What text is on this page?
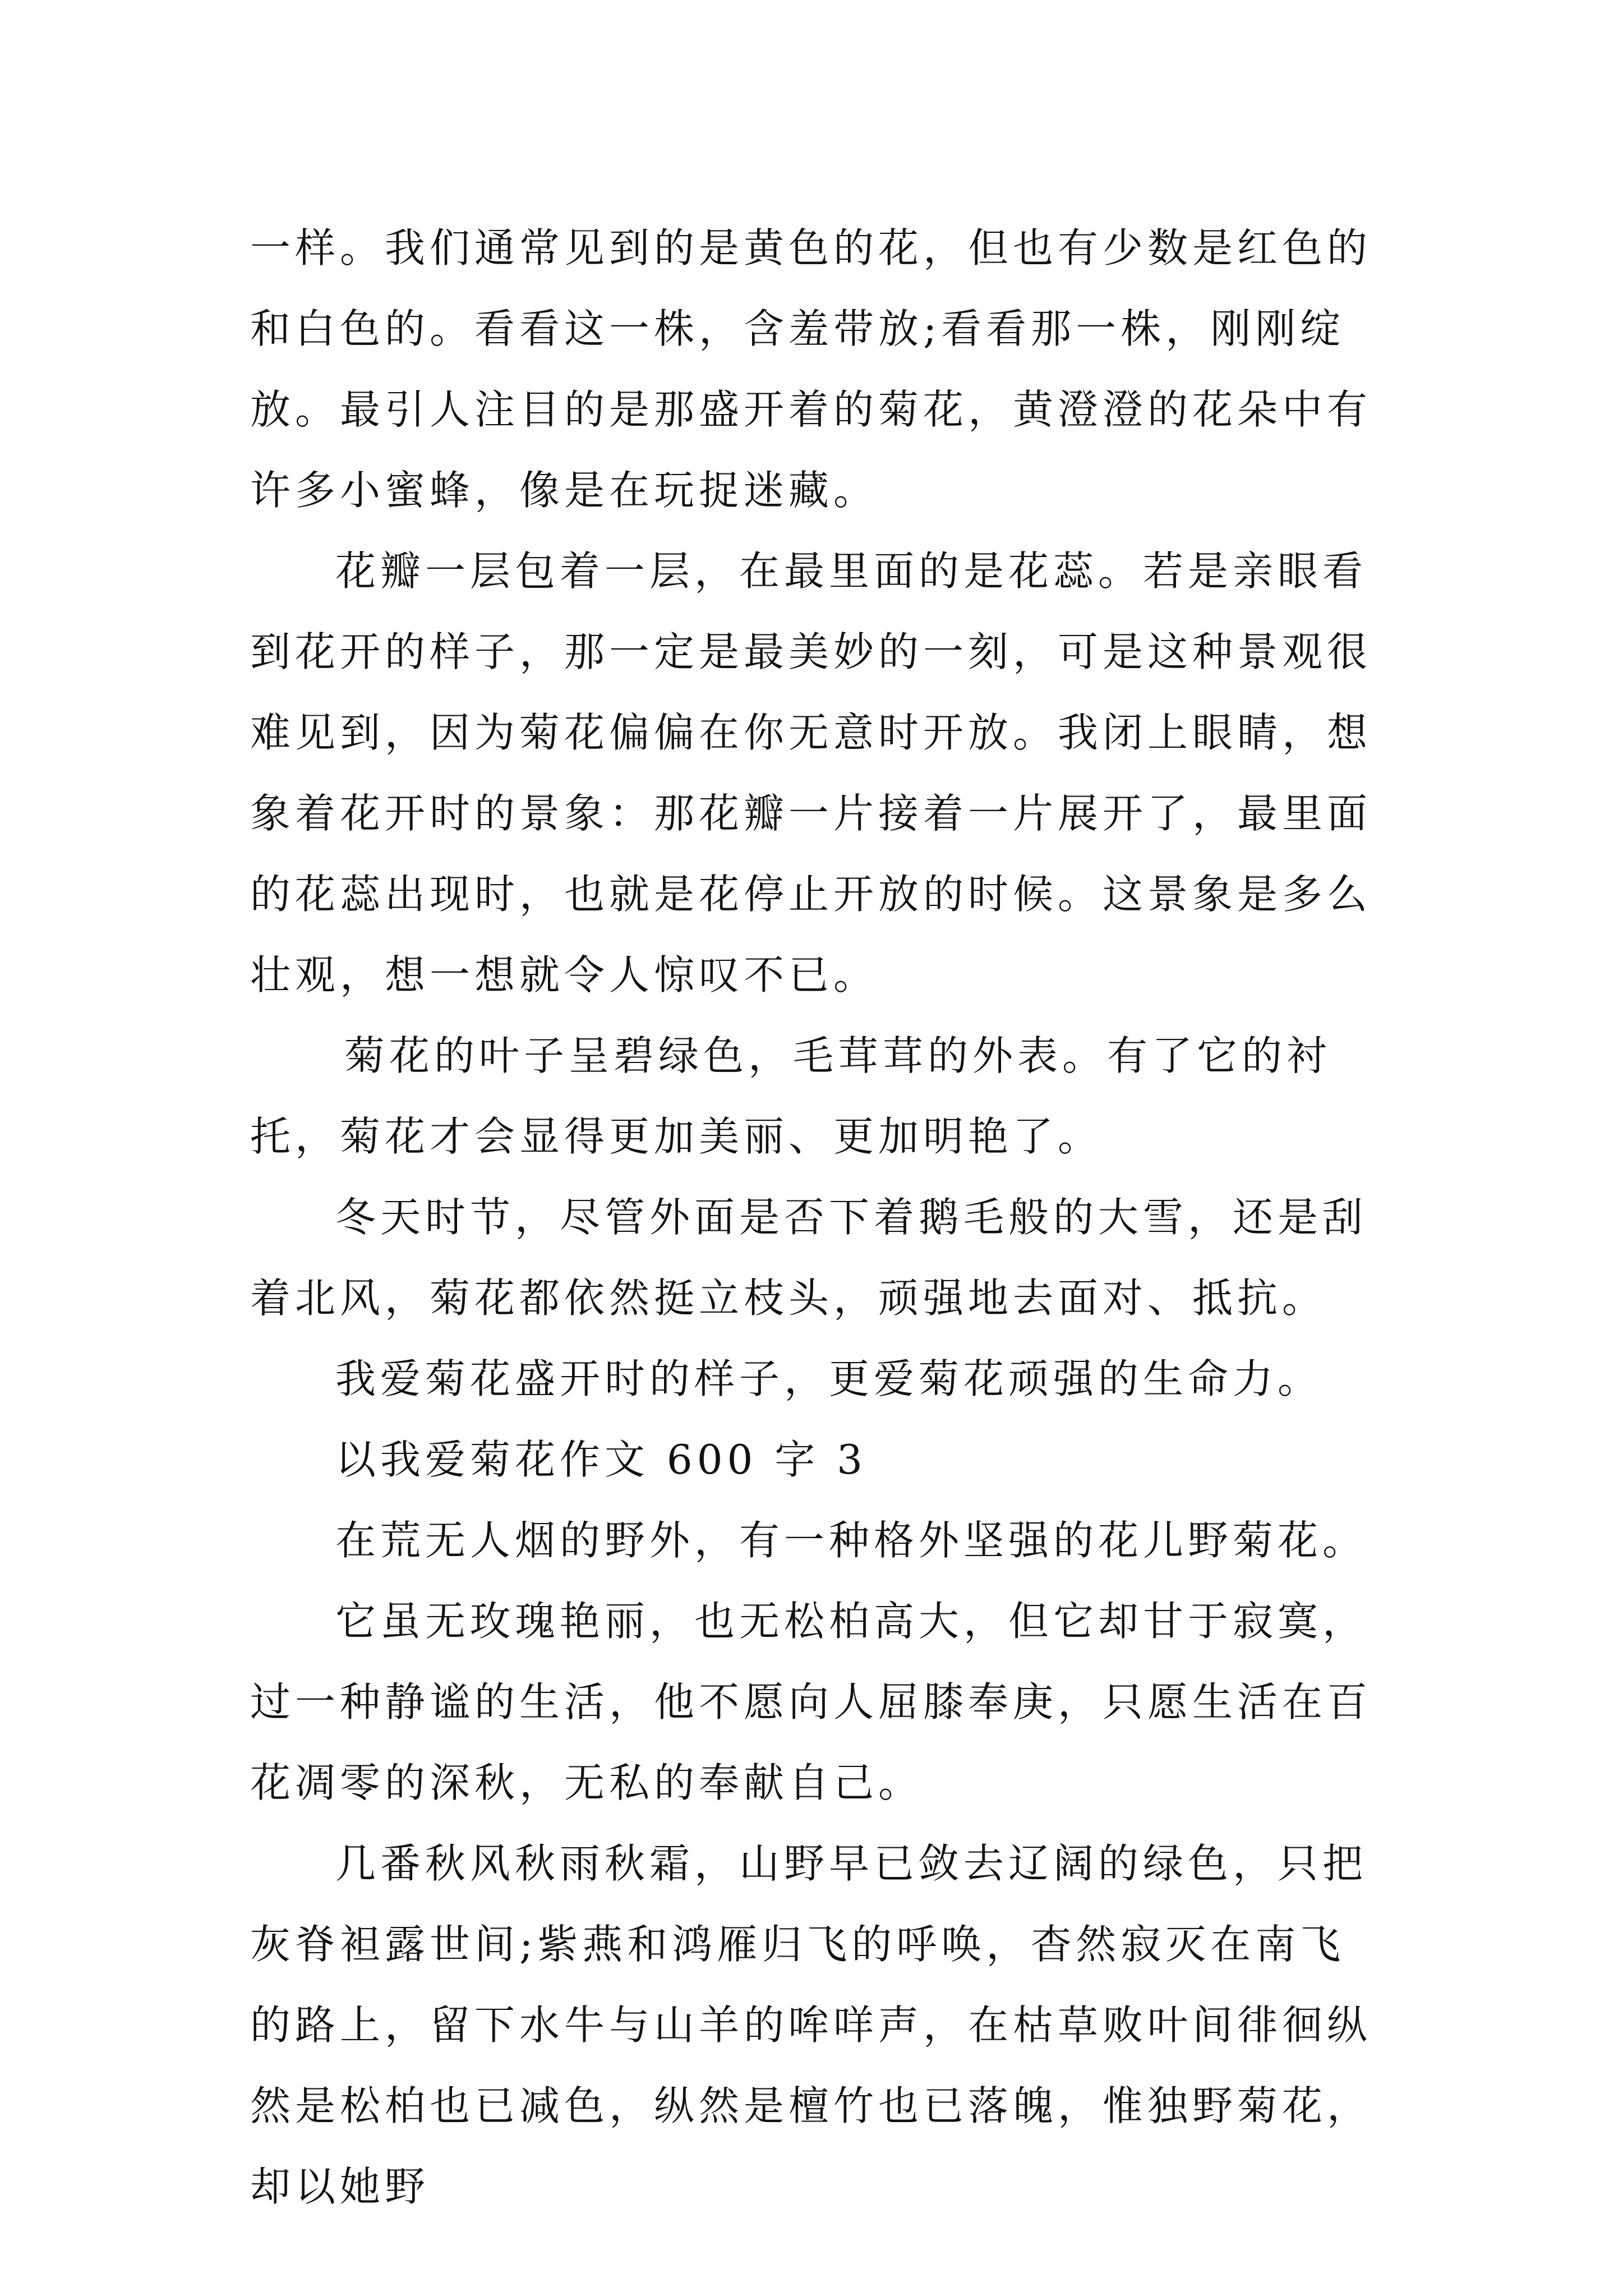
一样。我们通常见到的是黄色的花，但也有少数是红色的和白色的。看看这一株，含羞带放;看看那一株，刚刚绽放。最引人注目的是那盛开着的菊花，黄澄澄的花朵中有许多小蜜蜂，像是在玩捉迷藏。

花瓣一层包着一层，在最里面的是花蕊。若是亲眼看到花开的样子，那一定是最美妙的一刻，可是这种景观很难见到，因为菊花偏偏在你无意时开放。我闭上眼睛，想象着花开时的景象：那花瓣一片接着一片展开了，最里面的花蕊出现时，也就是花停止开放的时候。这景象是多么壮观，想一想就令人惊叹不已。

菊花的叶子呈碧绿色，毛茸茸的外表。有了它的衬托，菊花才会显得更加美丽、更加明艳了。

冬天时节，尽管外面是否下着鹅毛般的大雪，还是刮着北风，菊花都依然挺立枝头，顽强地去面对、抵抗。

我爱菊花盛开时的样子，更爱菊花顽强的生命力。

以我爱菊花作文 600 字 3

在荒无人烟的野外，有一种格外坚强的花儿野菊花。

它虽无玫瑰艳丽，也无松柏高大，但它却甘于寂寞，过一种静谧的生活，他不愿向人屈膝奉庚，只愿生活在百花凋零的深秋，无私的奉献自己。

几番秋风秋雨秋霜，山野早已敛去辽阔的绿色，只把灰脊袒露世间;紫燕和鸿雁归飞的呼唤，杳然寂灭在南飞的路上，留下水牛与山羊的哞咩声，在枯草败叶间徘徊纵然是松柏也已减色，纵然是檀竹也已落魄，惟独野菊花，却以她野
